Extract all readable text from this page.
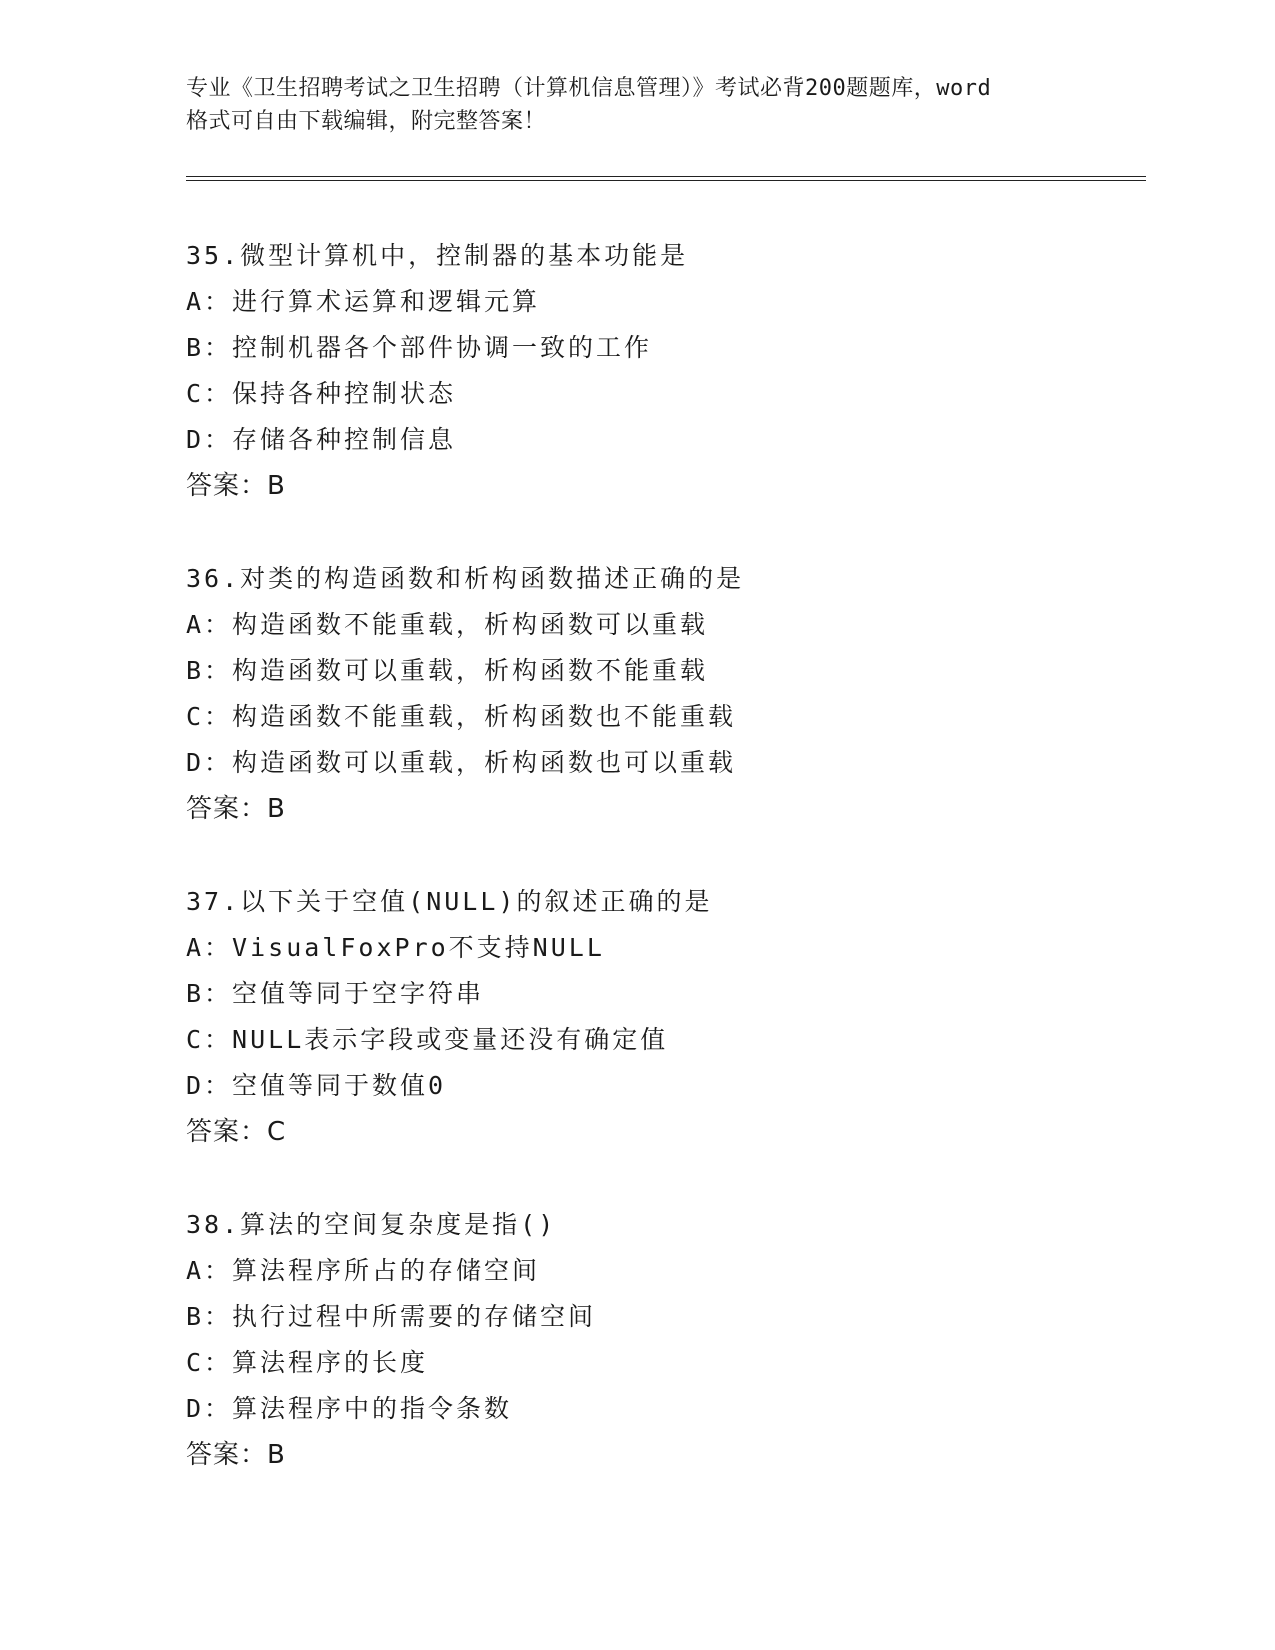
专业《卫生招聘考试之卫生招聘（计算机信息管理）》考试必背200题题库，word
格式可自由下载编辑，附完整答案！
35.微型计算机中，控制器的基本功能是
A：进行算术运算和逻辑元算
B：控制机器各个部件协调一致的工作
C：保持各种控制状态
D：存储各种控制信息
答案：B
36.对类的构造函数和析构函数描述正确的是
A：构造函数不能重载，析构函数可以重载
B：构造函数可以重载，析构函数不能重载
C：构造函数不能重载，析构函数也不能重载
D：构造函数可以重载，析构函数也可以重载
答案：B
37.以下关于空值(NULL)的叙述正确的是
A：VisualFoxPro不支持NULL
B：空值等同于空字符串
C：NULL表示字段或变量还没有确定值
D：空值等同于数值0
答案：C
38.算法的空间复杂度是指()
A：算法程序所占的存储空间
B：执行过程中所需要的存储空间
C：算法程序的长度
D：算法程序中的指令条数
答案：B
